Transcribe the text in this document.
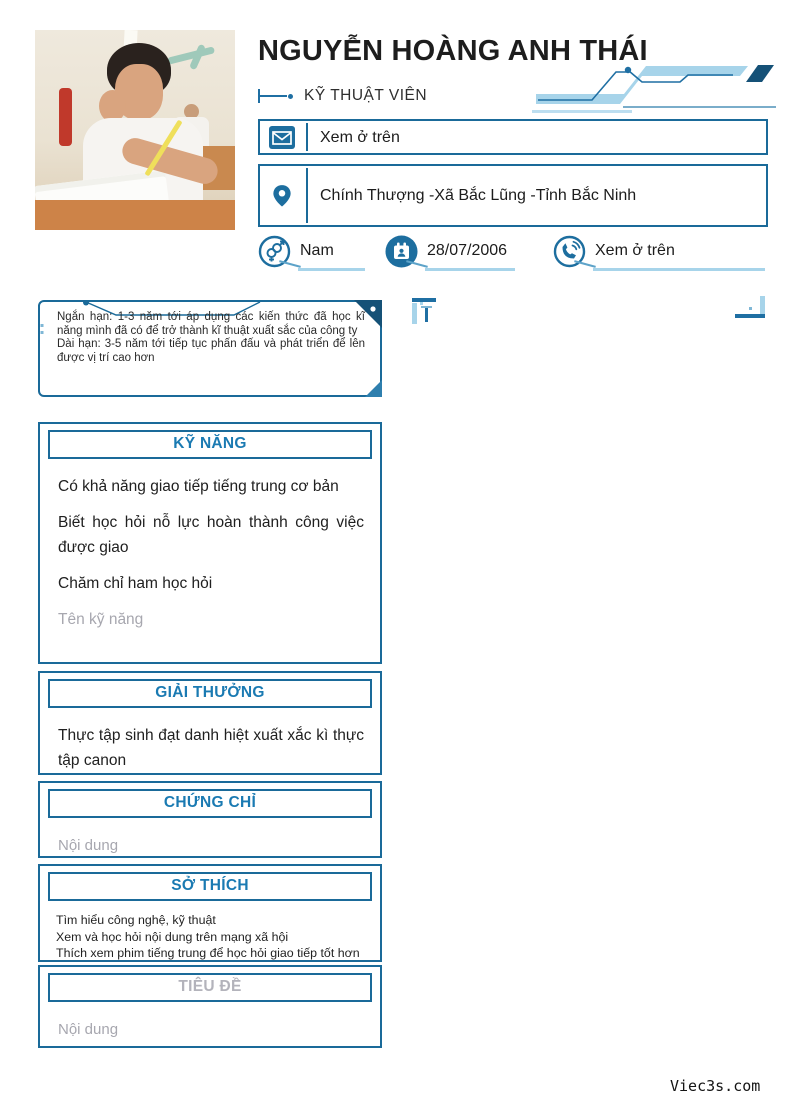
NGUYỄN HOÀNG ANH THÁI
KỸ THUẬT VIÊN
Xem ở trên
Chính Thượng -Xã Bắc Lũng -Tỉnh Bắc Ninh
Nam	28/07/2006	Xem ở trên

Ngắn hạn: 1-3 năm tới áp dụng các kiến thức đã học kĩ năng mình đã có để trở thành kĩ thuật xuất sắc của công ty

Dài hạn: 3-5 năm tới tiếp tục phấn đấu và phát triển để lên được vị trí cao hơn

KỸ NĂNG

Có khả năng giao tiếp tiếng trung cơ bản

Biết học hỏi nỗ lực hoàn thành công việc được giao

Chăm chỉ ham học hỏi

Tên kỹ năng

GIẢI THƯỞNG

Thực tập sinh đạt danh hiệt xuất xắc kì thực tập canon

CHỨNG CHỈ

Nội dung

SỞ THÍCH
Tìm hiểu công nghệ, kỹ thuật
Xem và học hỏi nội dung trên mạng xã hội
Thích xem phim tiếng trung để học hỏi giao tiếp tốt hơn
TIÊU ĐỀ

Nội dung

Viec3s.com
